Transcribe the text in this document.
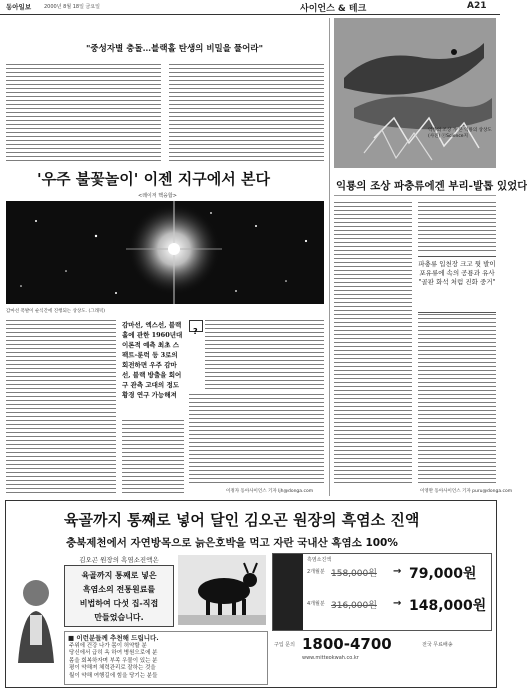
동아일보	2000년 8월 18일 금요일	사이언스 & 테크	A21
"중성자별 충돌…블랙홀 탄생의 비밀을 풀어라"
'우주 불꽃놀이' 이젠 지구에서 본다
<레이저 핵융합>
감마선 폭발이 순식간에 진행되는 상상도. (그래픽)
감마선, 엑스선, 블랙홀에 관한 1960년대 이론적 예측 최초 스팩트-룬럭 등 3로의 회전하면 우주 감마선, 블랙 방출을 회어 구 관측 고대의 정도 황경 연구 가능해져
?
이정자 동아사이언스 기자 ljh@donga.com
익룡의 조상 가 본 익룡의 상상도 (사진) ⓒScience지
익룡의 조상 파충류에겐 부리-발톱 있었다
파충류 입천장 크고 뒷 발이 포유류에 속의 공룡과 유사 "골판 화석 처럼 진화 중거"
이영완 동아사이언스 기자 puru@donga.com
육골까지 통째로 넣어 달인 김오곤 원장의 흑염소 진액
충북제천에서 자연방목으로 늙은호박을 먹고 자란 국내산 흑염소 100%
김오곤 원장의 흑염소진액은
육골까지 통째로 넣은
흑염소의 전통원료를
비법하여 다섯 집-직접
만들었습니다.
흑염소진액
2개월분 158,000원 → 79,000원
4개월분 316,000원 → 148,000원
■ 이런분들께 추천해 드립니다.
주위에 건강 나가 몸이 허약할 분
당신에서 급히 옥 하여 병원으로에 분
몸을 회복하자며 부족 우물이 있는 분
평이 약해져 체력관리로 잘하는 것을
월이 약해 여행길에 힘을 당기는 분들
구입 문의 1800-4700
www.mitteokwah.co.kr
전국 무료배송
